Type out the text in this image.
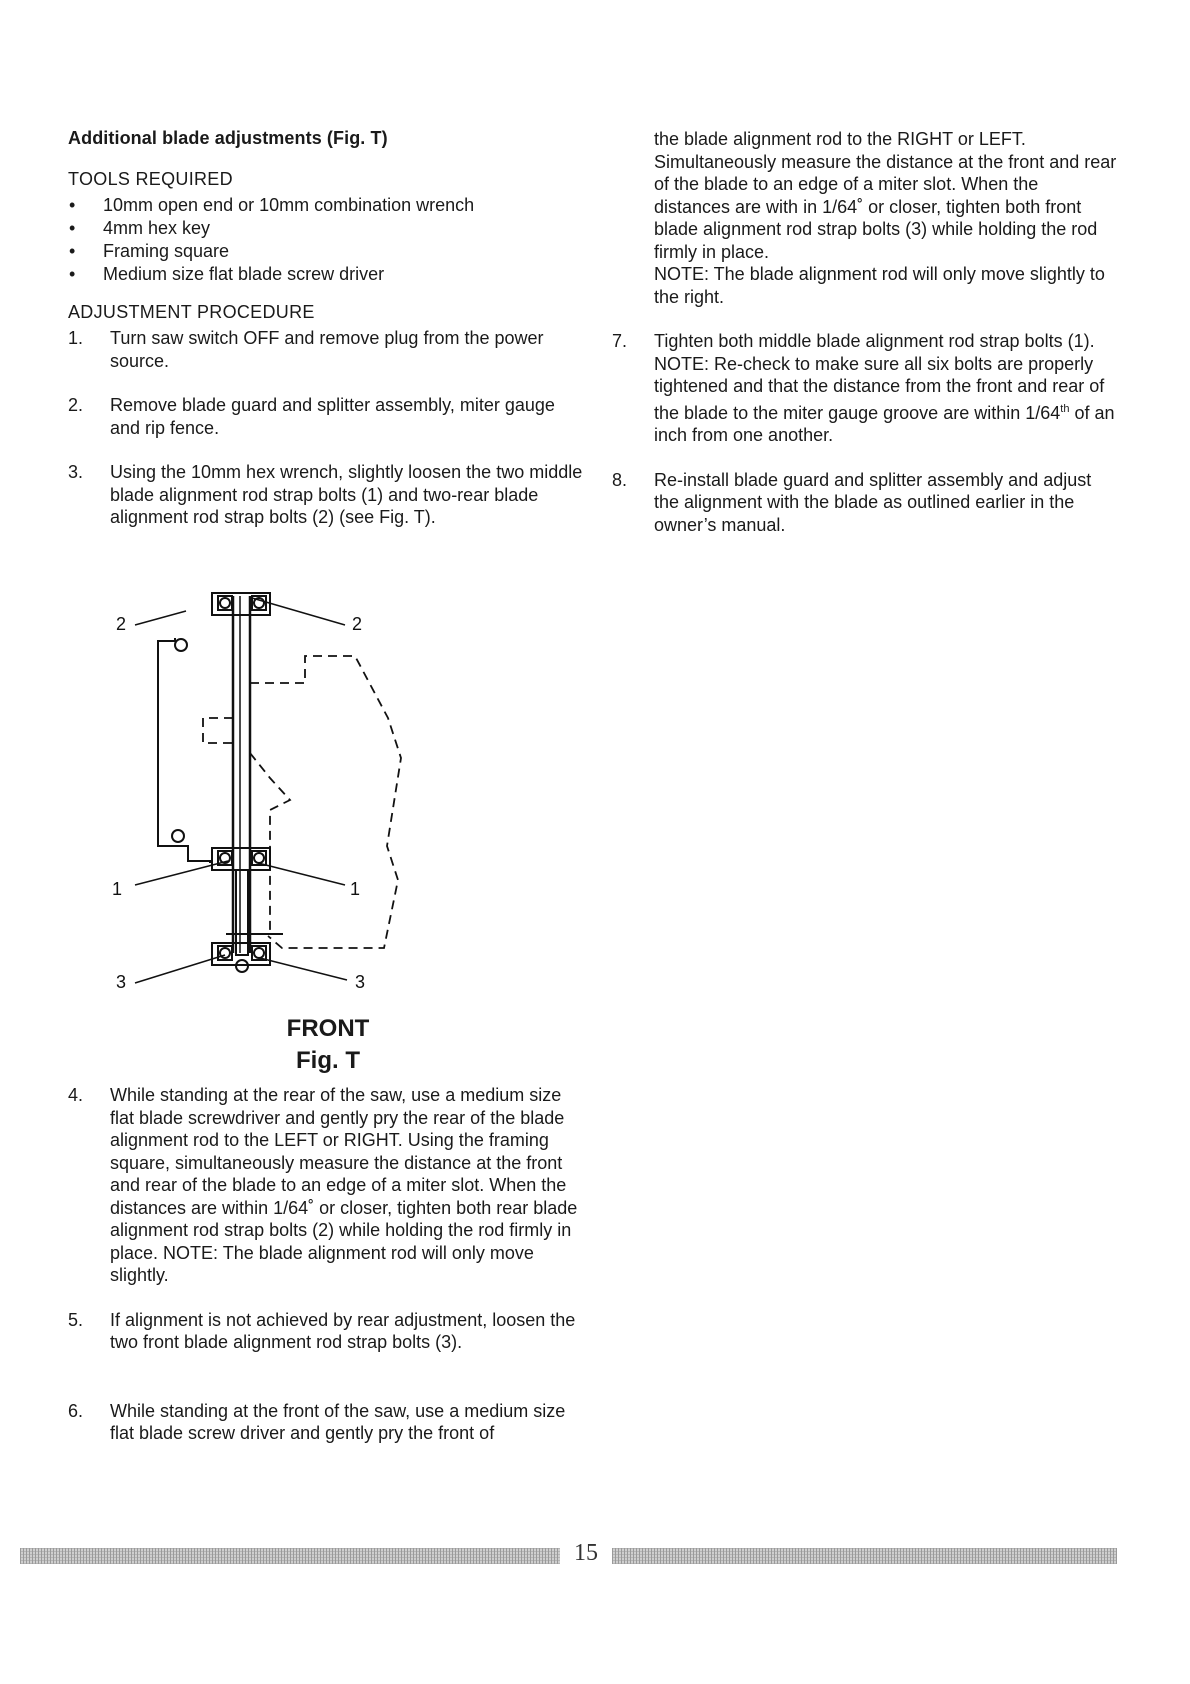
Additional blade adjustments (Fig. T)
TOOLS REQUIRED
• 10mm open end or 10mm combination wrench
• 4mm hex key
• Framing square
• Medium size flat blade screw driver
ADJUSTMENT PROCEDURE
1. Turn saw switch OFF and remove plug from the power source.
2. Remove blade guard and splitter assembly, miter gauge and rip fence.
3. Using the 10mm hex wrench, slightly loosen the two middle blade alignment rod strap bolts (1) and two-rear blade alignment rod strap bolts (2) (see Fig. T).
2	2
1	1
3	3
FRONT
Fig. T
4. While standing at the rear of the saw, use a medium size flat blade screwdriver and gently pry the rear of the blade alignment rod to the LEFT or RIGHT. Using the framing square, simultaneously measure the distance at the front and rear of the blade to an edge of a miter slot. When the distances are within 1/64˚ or closer, tighten both rear blade alignment rod strap bolts (2) while holding the rod firmly in place. NOTE: The blade alignment rod will only move slightly.
5. If alignment is not achieved by rear adjustment, loosen the two front blade alignment rod strap bolts (3).
6. While standing at the front of the saw, use a medium size flat blade screw driver and gently pry the front of
the blade alignment rod to the RIGHT or LEFT. Simultaneously measure the distance at the front and rear of the blade to an edge of a miter slot. When the distances are with in 1/64˚ or closer, tighten both front blade alignment rod strap bolts (3) while holding the rod firmly in place.
NOTE: The blade alignment rod will only move slightly to the right.
7. Tighten both middle blade alignment rod strap bolts (1). NOTE: Re-check to make sure all six bolts are properly tightened and that the distance from the front and rear of the blade to the miter gauge groove are within 1/64th of an inch from one another.
8. Re-install blade guard and splitter assembly and adjust the alignment with the blade as outlined earlier in the owner’s manual.
15
